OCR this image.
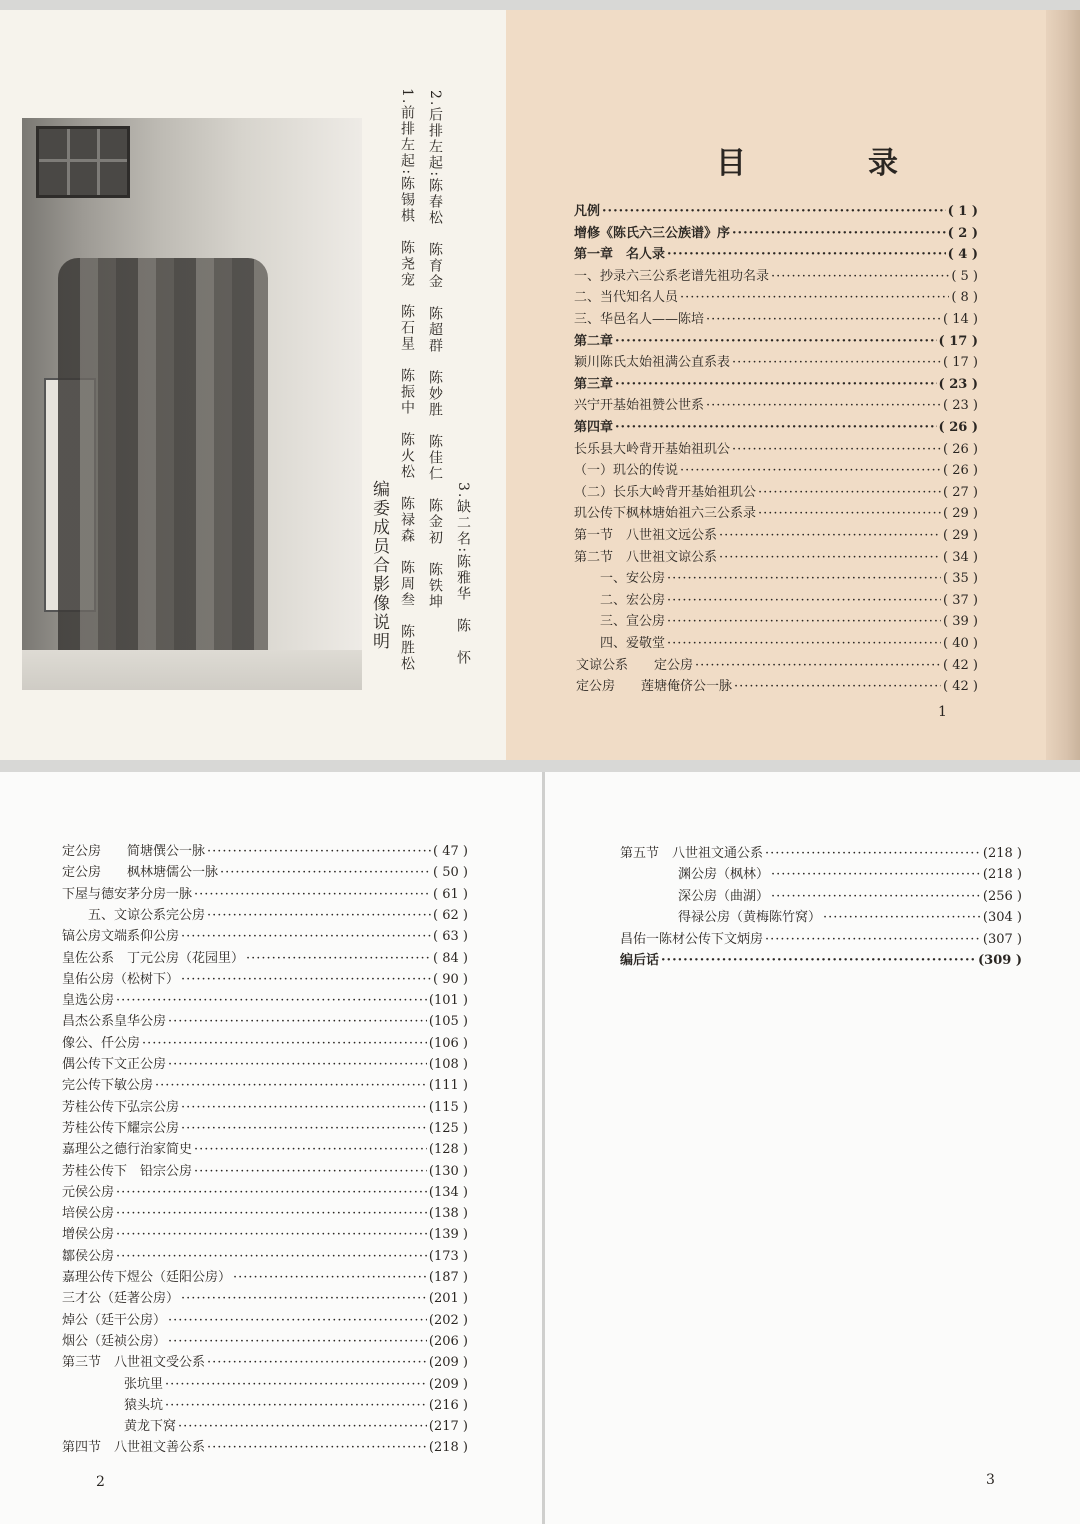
编委成员合影像说明 1.前排左起:陈锡棋　陈尧宠　陈石星　陈振中　陈火松　陈禄森　陈周叁　陈胜松 2.后排左起:陈春松　陈育金　陈超群　陈妙胜　陈佳仁　陈金初　陈铁坤 3.缺二名:陈雅华　陈　怀
目　录
凡例 ·····	( 1 )
增修《陈氏六三公族谱》序 ·····	( 2 )
第一章　名人录 ·····	( 4 )
一、抄录六三公系老谱先祖功名录 ·····	( 5 )
二、当代知名人员 ·····	( 8 )
三、华邑名人——陈培 ·····	( 14 )
第二章 ·····	( 17 )
颖川陈氏太始祖满公直系表 ·····	( 17 )
第三章 ·····	( 23 )
兴宁开基始祖赞公世系 ·····	( 23 )
第四章 ·····	( 26 )
长乐县大岭背开基始祖玑公 ·····	( 26 )
（一）玑公的传说 ·····	( 26 )
（二）长乐大岭背开基始祖玑公 ·····	( 27 )
玑公传下枫林塘始祖六三公系录 ·····	( 29 )
第一节　八世祖文远公系 ·····	( 29 )
第二节　八世祖文谅公系 ·····	( 34 )
一、安公房 ·····	( 35 )
二、宏公房 ·····	( 37 )
三、宣公房 ·····	( 39 )
四、爱敬堂 ·····	( 40 )
文谅公系　　定公房 ·····	( 42 )
定公房　　莲塘俺侪公一脉 ·····	( 42 )
1
定公房　　简塘僎公一脉 ·····	( 47 )
定公房　　枫林塘儒公一脉 ·····	( 50 )
下屋与德安茅分房一脉 ·····	( 61 )
五、文谅公系完公房 ·····	( 62 )
镐公房文端系仰公房 ·····	( 63 )
皇佐公系　丁元公房（花园里） ·····	( 84 )
皇佑公房（松树下） ·····	( 90 )
皇选公房 ·····	(101 )
昌杰公系皇华公房 ·····	(105 )
像公、仟公房 ·····	(106 )
偶公传下文正公房 ·····	(108 )
完公传下敏公房 ·····	(111 )
芳桂公传下弘宗公房 ·····	(115 )
芳桂公传下耀宗公房 ·····	(125 )
嘉理公之德行治家简史 ·····	(128 )
芳桂公传下　铅宗公房 ·····	(130 )
元侯公房 ·····	(134 )
培侯公房 ·····	(138 )
增侯公房 ·····	(139 )
鄒侯公房 ·····	(173 )
嘉理公传下煜公（廷阳公房） ·····	(187 )
三才公（廷著公房） ·····	(201 )
焯公（廷干公房） ·····	(202 )
烟公（廷祯公房） ·····	(206 )
第三节　八世祖文受公系 ·····	(209 )
张坑里 ·····	(209 )
猿头坑 ·····	(216 )
黄龙下窝 ·····	(217 )
第四节　八世祖文善公系 ·····	(218 )
第五节　八世祖文通公系 ·····	(218 )
渊公房（枫林） ·····	(218 )
深公房（曲湖） ·····	(256 )
得禄公房（黄梅陈竹窝） ·····	(304 )
昌佑一陈材公传下文炳房 ·····	(307 )
编后话 ·····	(309 )
2	3
